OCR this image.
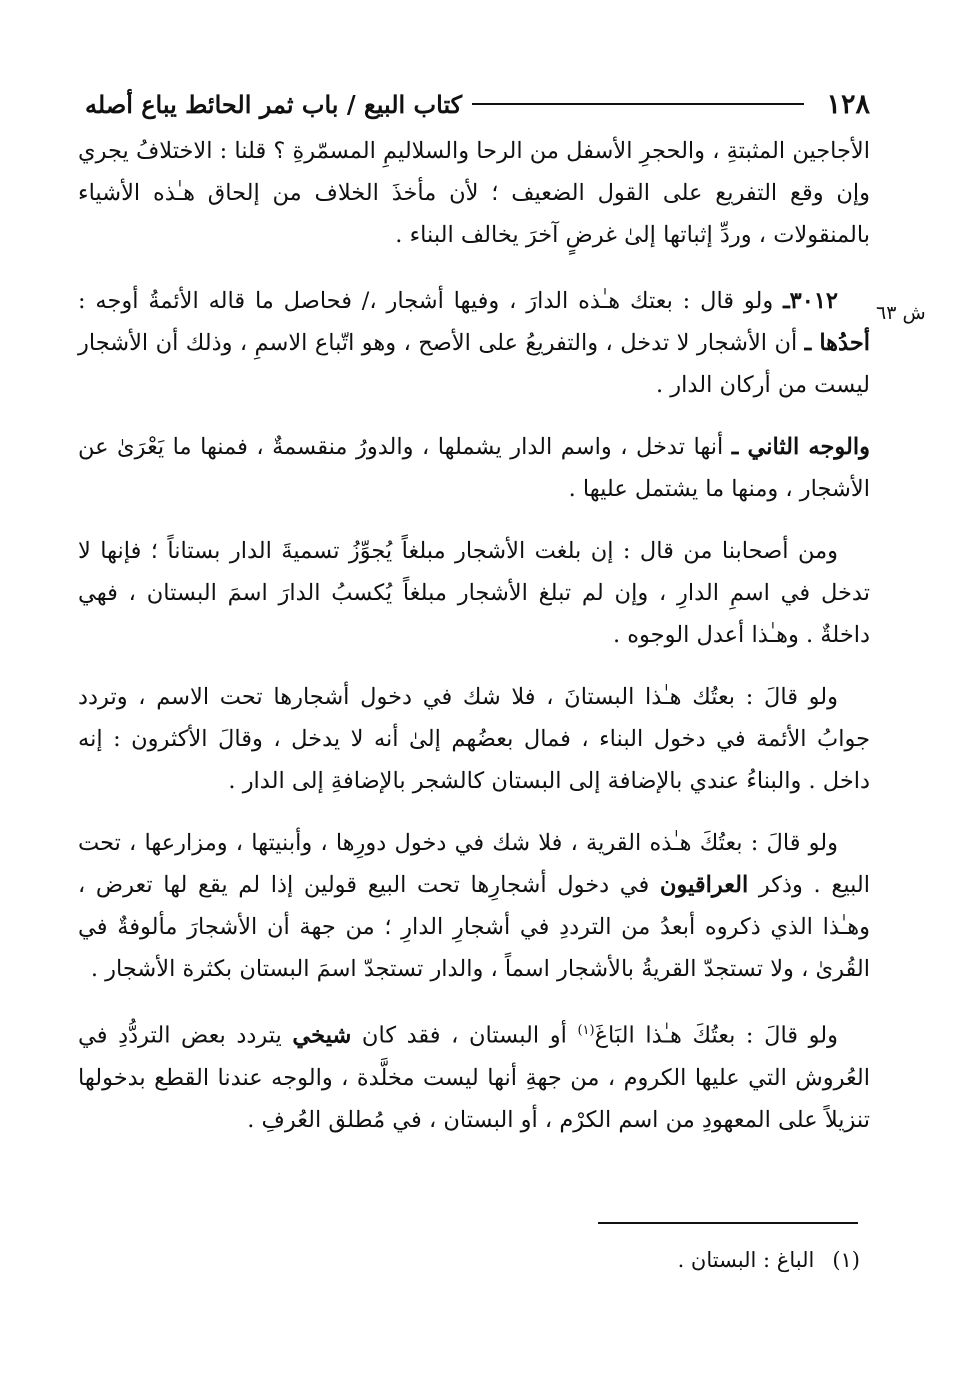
١٢٨
كتاب البيع / باب ثمر الحائط يباع أصله
ش ٦٣
الأجاجين المثبتةِ ، والحجرِ الأسفل من الرحا والسلاليمِ المسمّرةِ ؟ قلنا : الاختلافُ يجري وإن وقع التفريع على القول الضعيف ؛ لأن مأخذَ الخلاف من إلحاق هـٰذه الأشياء بالمنقولات ، وردِّ إثباتها إلىٰ غرضٍ آخرَ يخالف البناء .
٣٠١٢ـ ولو قال : بعتك هـٰذه الدارَ ، وفيها أشجار ،/ فحاصل ما قاله الأئمةُ أوجه : أحدُها ـ أن الأشجار لا تدخل ، والتفريعُ على الأصح ، وهو اتّباع الاسمِ ، وذلك أن الأشجار ليست من أركان الدار .
والوجه الثاني ـ أنها تدخل ، واسم الدار يشملها ، والدورُ منقسمةٌ ، فمنها ما يَعْرَىٰ عن الأشجار ، ومنها ما يشتمل عليها .
ومن أصحابنا من قال : إن بلغت الأشجار مبلغاً يُجوِّزُ تسميةَ الدار بستاناً ؛ فإنها لا تدخل في اسمِ الدارِ ، وإن لم تبلغ الأشجار مبلغاً يُكسبُ الدارَ اسمَ البستان ، فهي داخلةٌ . وهـٰذا أعدل الوجوه .
ولو قالَ : بعتُك هـٰذا البستانَ ، فلا شك في دخول أشجارها تحت الاسم ، وتردد جوابُ الأئمة في دخول البناء ، فمال بعضُهم إلىٰ أنه لا يدخل ، وقالَ الأكثرون : إنه داخل . والبناءُ عندي بالإضافة إلى البستان كالشجر بالإضافةِ إلى الدار .
ولو قالَ : بعتُكَ هـٰذه القرية ، فلا شك في دخول دورِها ، وأبنيتها ، ومزارعها ، تحت البيع . وذكر العراقيون في دخول أشجارِها تحت البيع قولين إذا لم يقع لها تعرض ، وهـٰذا الذي ذكروه أبعدُ من الترددِ في أشجارِ الدارِ ؛ من جهة أن الأشجارَ مألوفةٌ في القُرىٰ ، ولا تستجدّ القريةُ بالأشجار اسماً ، والدار تستجدّ اسمَ البستان بكثرة الأشجار .
ولو قالَ : بعتُكَ هـٰذا البَاغَ$^{(١)}$ أو البستان ، فقد كان شيخي يتردد بعض التردُّدِ في العُروش التي عليها الكروم ، من جهةِ أنها ليست مخلَّدة ، والوجه عندنا القطع بدخولها تنزيلاً على المعهودِ من اسم الكرْم ، أو البستان ، في مُطلق العُرفِ .
(١)الباغ : البستان .
